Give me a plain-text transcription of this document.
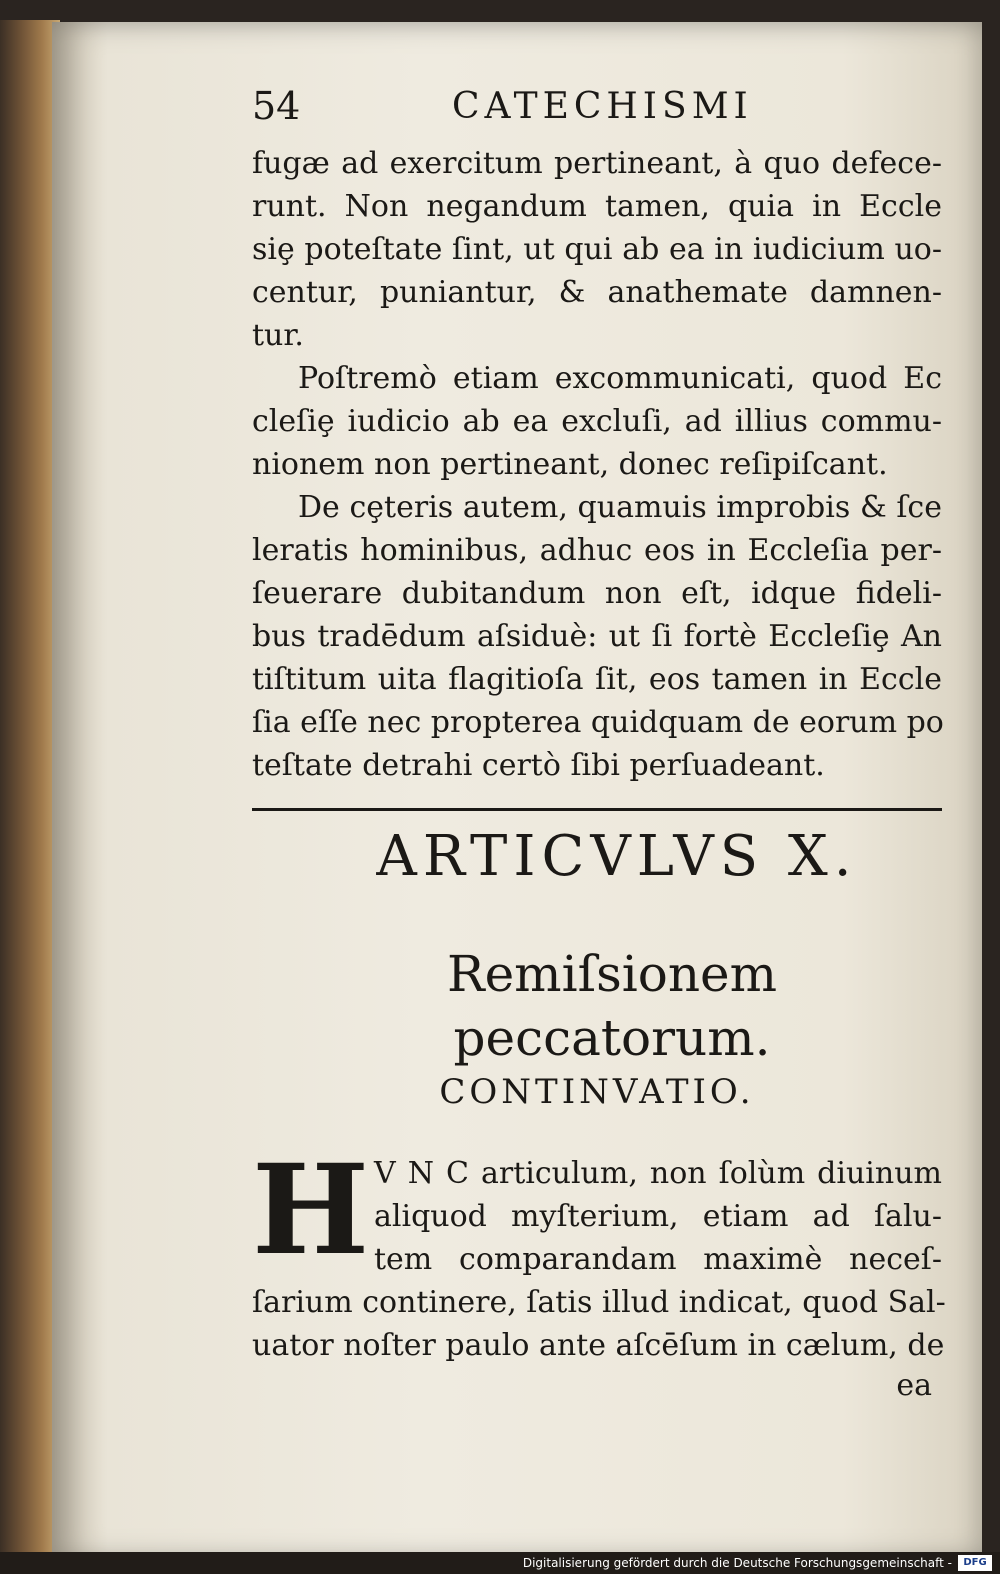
54	CATECHISMI
fugæ ad exercitum pertineant, à quo defece-
runt. Non negandum tamen, quia in Eccle
siȩ poteſtate ſint, ut qui ab ea in iudicium uo-
centur, puniantur, & anathemate damnen-
tur.
Poſtremò etiam excommunicati, quod Ec
cleſiȩ iudicio ab ea excluſi, ad illius commu-
nionem non pertineant, donec reſipiſcant.
De cȩteris autem, quamuis improbis & ſce
leratis hominibus, adhuc eos in Eccleſia per-
ſeuerare dubitandum non eſt, idque fideli-
bus tradēdum aſsiduè: ut ſi fortè Eccleſiȩ An
tiſtitum uita flagitioſa ſit, eos tamen in Eccle
ſia eſſe nec propterea quidquam de eorum po
teſtate detrahi certò ſibi perſuadeant.
ARTICVLVS X.
Remiſsionem peccatorum.
CONTINVATIO.
H V N C articulum, non ſolùm diuinum
aliquod myſterium, etiam ad ſalu-
tem comparandam maximè neceſ-
ſarium continere, ſatis illud indicat, quod Sal-
uator noſter paulo ante aſcēſum in cælum, de
ea
Digitalisierung gefördert durch die Deutsche Forschungsgemeinschaft -	DFG
